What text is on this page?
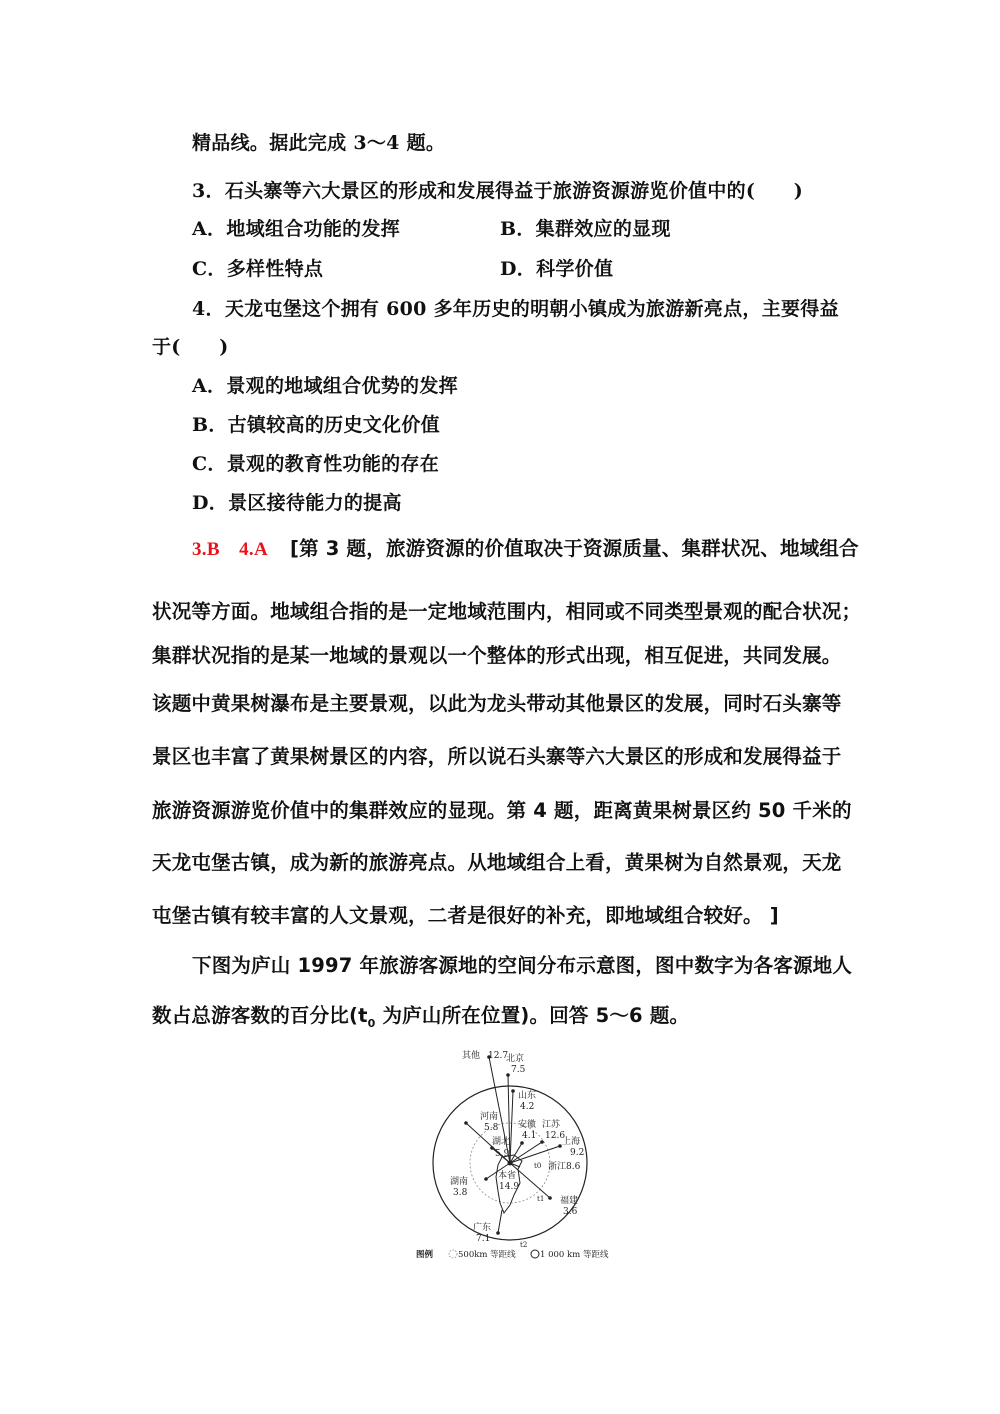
精品线。据此完成 3～4 题。
3．石头寨等六大景区的形成和发展得益于旅游资源游览价值中的(　　)
A．地域组合功能的发挥	B．集群效应的显现
C．多样性特点	D．科学价值
4．天龙屯堡这个拥有 600 多年历史的明朝小镇成为旅游新亮点，主要得益
于(　　)
A．景观的地域组合优势的发挥
B．古镇较高的历史文化价值
C．景观的教育性功能的存在
D．景区接待能力的提高
3.B　4.A [第 3 题，旅游资源的价值取决于资源质量、集群状况、地域组合
状况等方面。地域组合指的是一定地域范围内，相同或不同类型景观的配合状况；
集群状况指的是某一地域的景观以一个整体的形式出现，相互促进，共同发展。
该题中黄果树瀑布是主要景观，以此为龙头带动其他景区的发展，同时石头寨等
景区也丰富了黄果树景区的内容，所以说石头寨等六大景区的形成和发展得益于
旅游资源游览价值中的集群效应的显现。第 4 题，距离黄果树景区约 50 千米的
天龙屯堡古镇，成为新的旅游亮点。从地域组合上看，黄果树为自然景观，天龙
屯堡古镇有较丰富的人文景观，二者是很好的补充，即地域组合较好。 ]
下图为庐山 1997 年旅游客源地的空间分布示意图，图中数字为各客源地人
数占总游客数的百分比($t_0$ 为庐山所在位置)。回答 5～6 题。
其他 12.7
北京
7.5
山东
4.2
河南
5.8 安徽
4.1
江苏
12.6
上海
9.2
湖北
5.9
浙江 8.6
湖南
3.8
本省
14.9
福建
3.6
广东
7.1
t0
t1
t2
图例	500km 等距线	1 000 km 等距线
